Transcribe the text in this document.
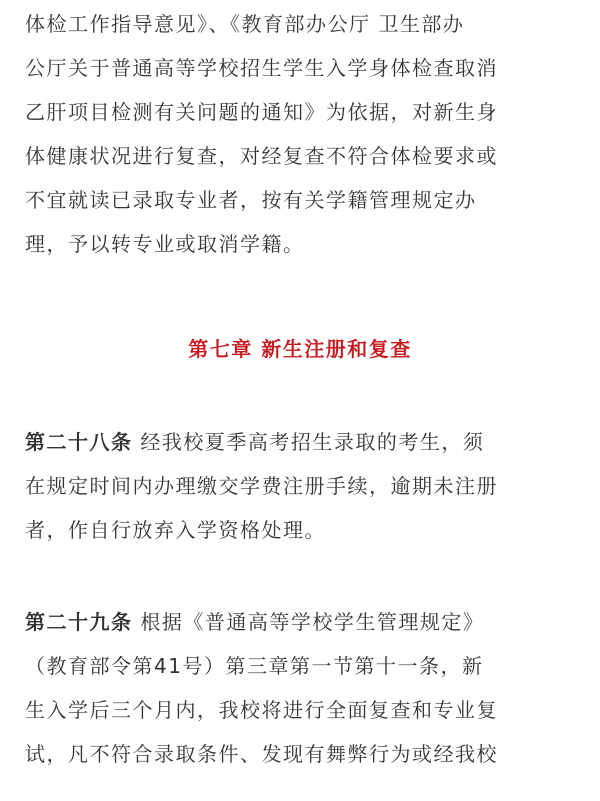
体检工作指导意见》、《教育部办公厅 卫生部办
公厅关于普通高等学校招生学生入学身体检查取消
乙肝项目检测有关问题的通知》为依据，对新生身
体健康状况进行复查，对经复查不符合体检要求或
不宜就读已录取专业者，按有关学籍管理规定办
理，予以转专业或取消学籍。
第七章 新生注册和复查
第二十八条 经我校夏季高考招生录取的考生，须
在规定时间内办理缴交学费注册手续，逾期未注册
者，作自行放弃入学资格处理。
第二十九条 根据《普通高等学校学生管理规定》
（教育部令第41号）第三章第一节第十一条，新
生入学后三个月内，我校将进行全面复查和专业复
试，凡不符合录取条件、发现有舞弊行为或经我校
